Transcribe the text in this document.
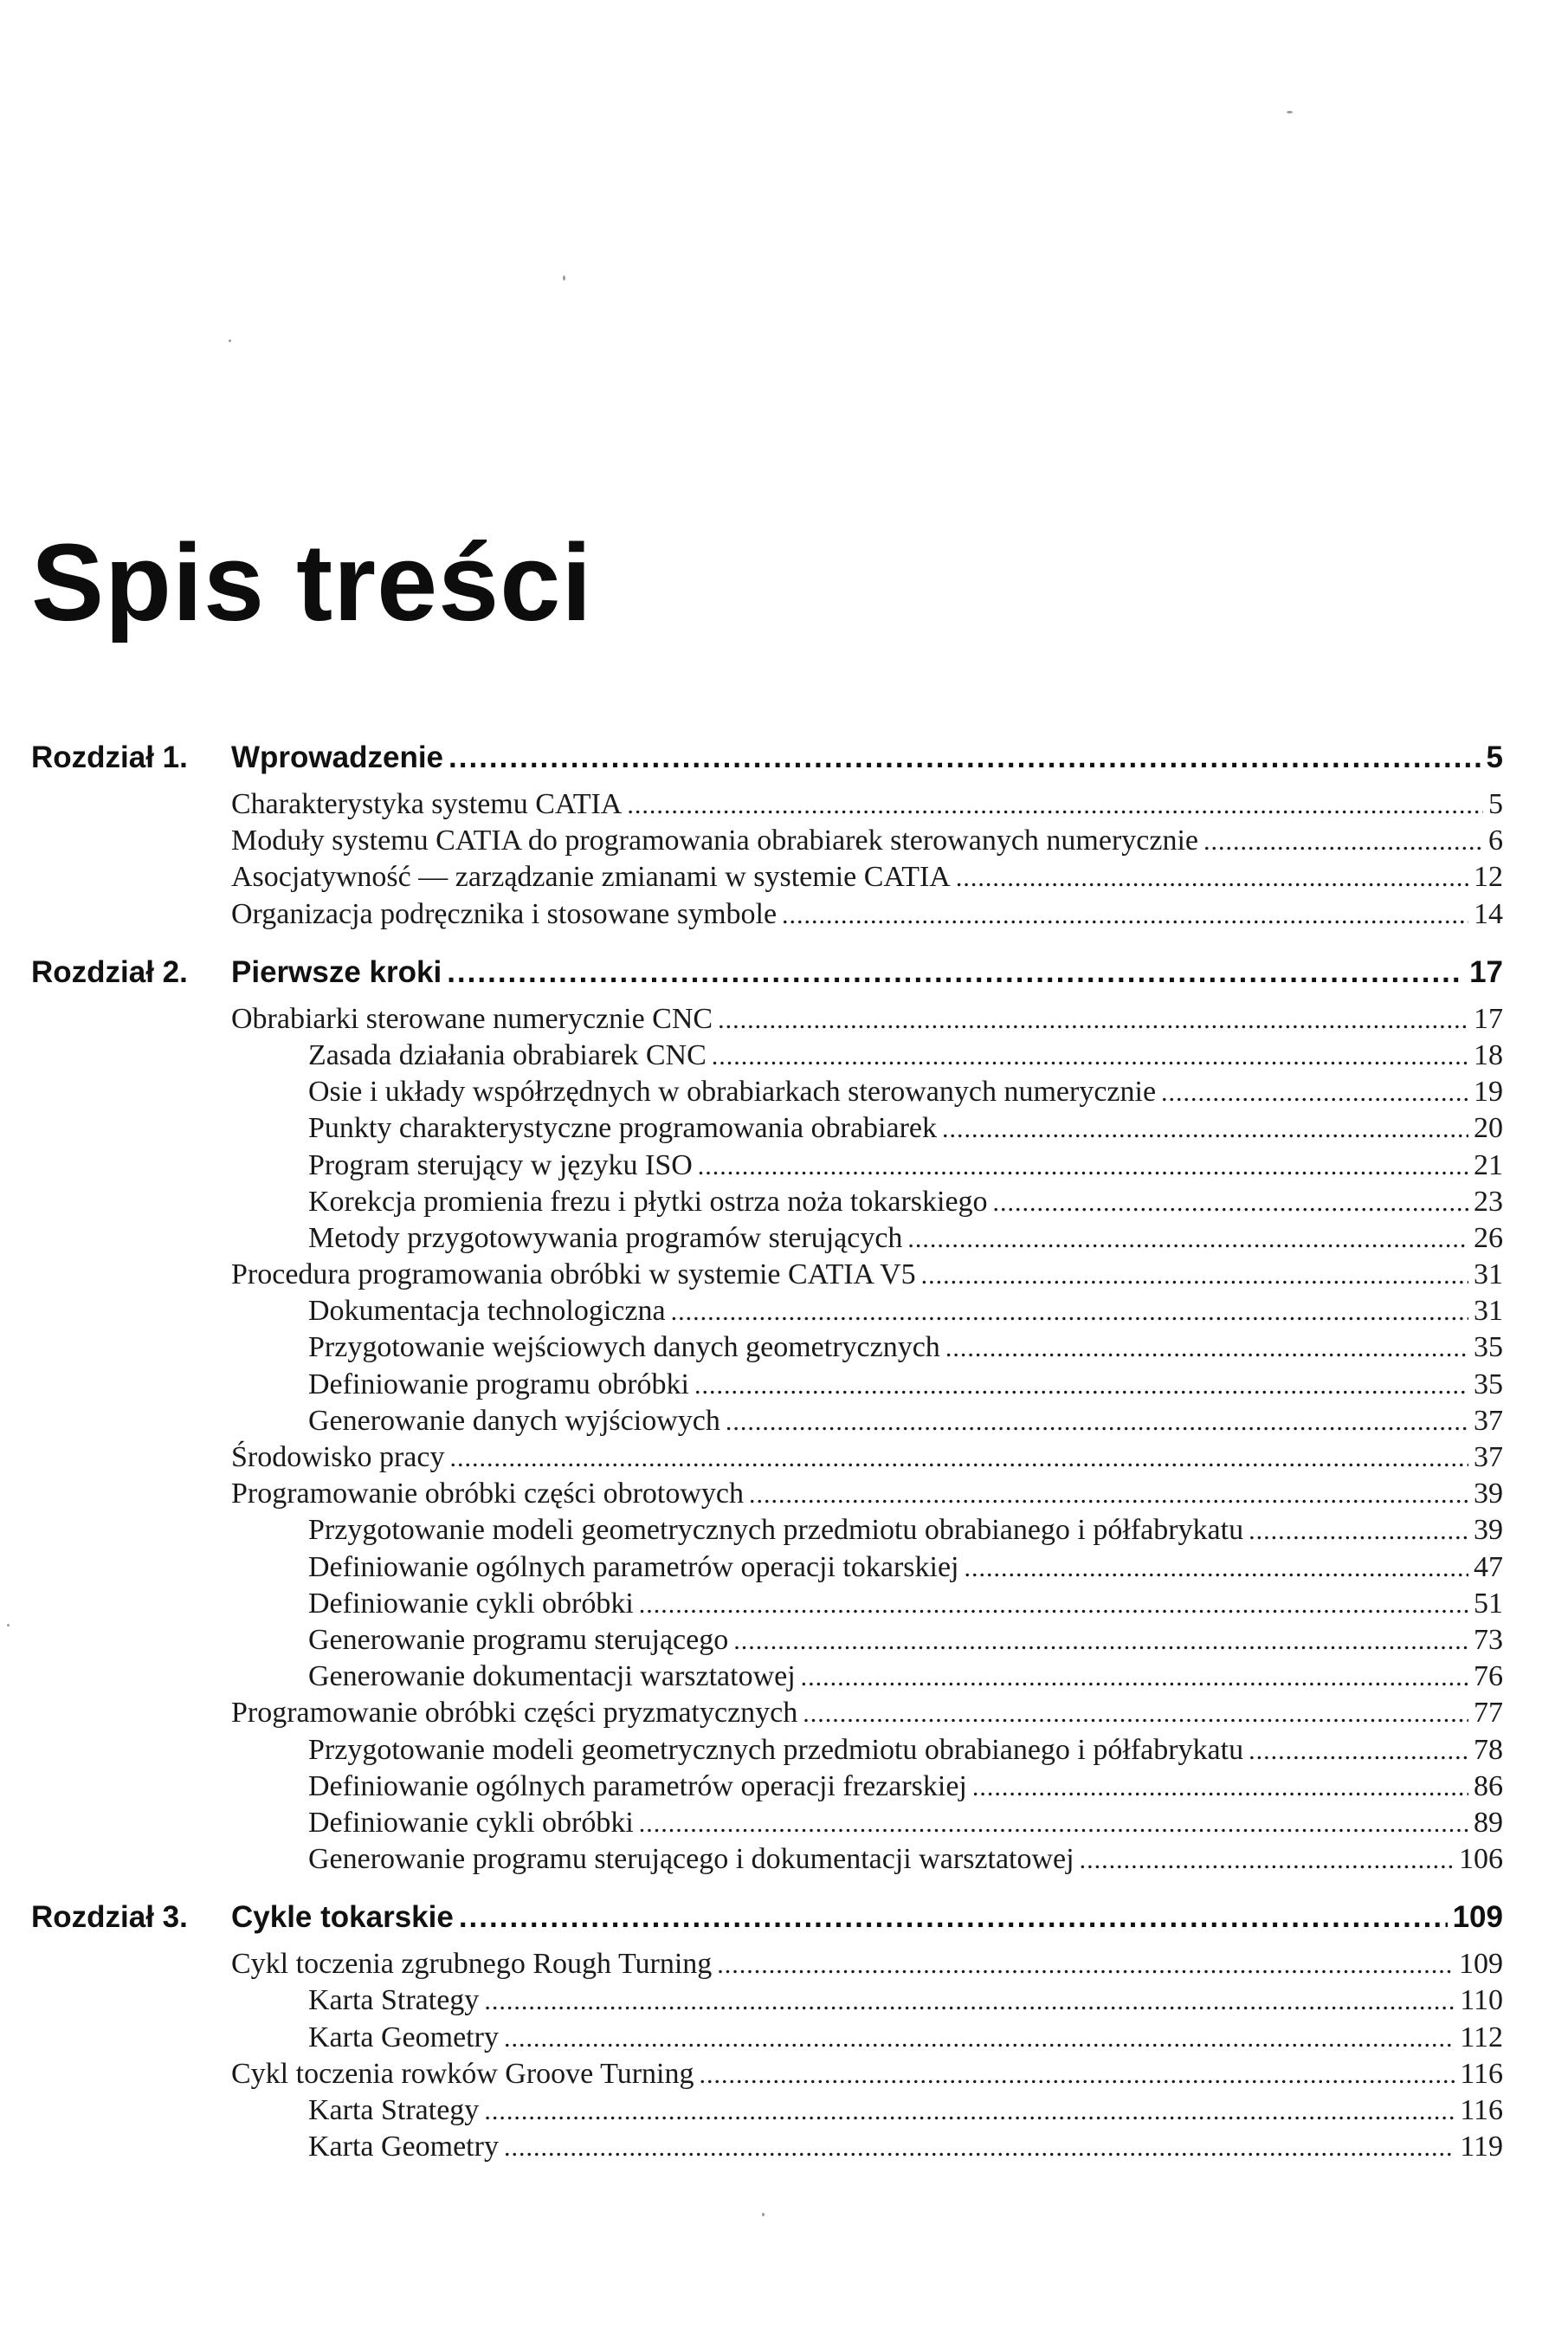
Spis treści
Rozdział 1.	Wprowadzenie .....	5
Charakterystyka systemu CATIA .....	5
Moduły systemu CATIA do programowania obrabiarek sterowanych numerycznie .....	6
Asocjatywność — zarządzanie zmianami w systemie CATIA .....	12
Organizacja podręcznika i stosowane symbole .....	14
Rozdział 2.	Pierwsze kroki .....	17
Obrabiarki sterowane numerycznie CNC .....	17
Zasada działania obrabiarek CNC .....	18
Osie i układy współrzędnych w obrabiarkach sterowanych numerycznie .....	19
Punkty charakterystyczne programowania obrabiarek .....	20
Program sterujący w języku ISO .....	21
Korekcja promienia frezu i płytki ostrza noża tokarskiego .....	23
Metody przygotowywania programów sterujących .....	26
Procedura programowania obróbki w systemie CATIA V5 .....	31
Dokumentacja technologiczna .....	31
Przygotowanie wejściowych danych geometrycznych .....	35
Definiowanie programu obróbki .....	35
Generowanie danych wyjściowych .....	37
Środowisko pracy .....	37
Programowanie obróbki części obrotowych .....	39
Przygotowanie modeli geometrycznych przedmiotu obrabianego i półfabrykatu .....	39
Definiowanie ogólnych parametrów operacji tokarskiej .....	47
Definiowanie cykli obróbki .....	51
Generowanie programu sterującego .....	73
Generowanie dokumentacji warsztatowej .....	76
Programowanie obróbki części pryzmatycznych .....	77
Przygotowanie modeli geometrycznych przedmiotu obrabianego i półfabrykatu .....	78
Definiowanie ogólnych parametrów operacji frezarskiej .....	86
Definiowanie cykli obróbki .....	89
Generowanie programu sterującego i dokumentacji warsztatowej .....	106
Rozdział 3.	Cykle tokarskie .....	109
Cykl toczenia zgrubnego Rough Turning .....	109
Karta Strategy .....	110
Karta Geometry .....	112
Cykl toczenia rowków Groove Turning .....	116
Karta Strategy .....	116
Karta Geometry .....	119
